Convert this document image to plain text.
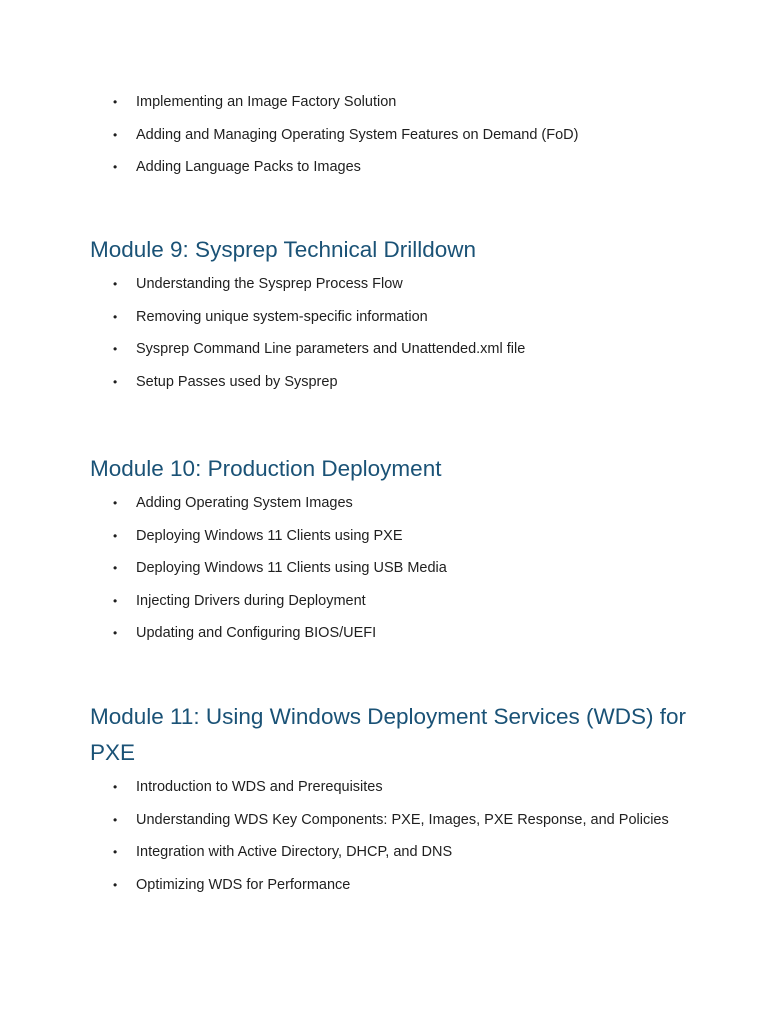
• Implementing an Image Factory Solution
• Adding and Managing Operating System Features on Demand (FoD)
• Adding Language Packs to Images
Module 9: Sysprep Technical Drilldown
• Understanding the Sysprep Process Flow
• Removing unique system-specific information
• Sysprep Command Line parameters and Unattended.xml file
• Setup Passes used by Sysprep
Module 10: Production Deployment
• Adding Operating System Images
• Deploying Windows 11 Clients using PXE
• Deploying Windows 11 Clients using USB Media
• Injecting Drivers during Deployment
• Updating and Configuring BIOS/UEFI
Module 11: Using Windows Deployment Services (WDS) for PXE
• Introduction to WDS and Prerequisites
• Understanding WDS Key Components: PXE, Images, PXE Response, and Policies
• Integration with Active Directory, DHCP, and DNS
• Optimizing WDS for Performance
